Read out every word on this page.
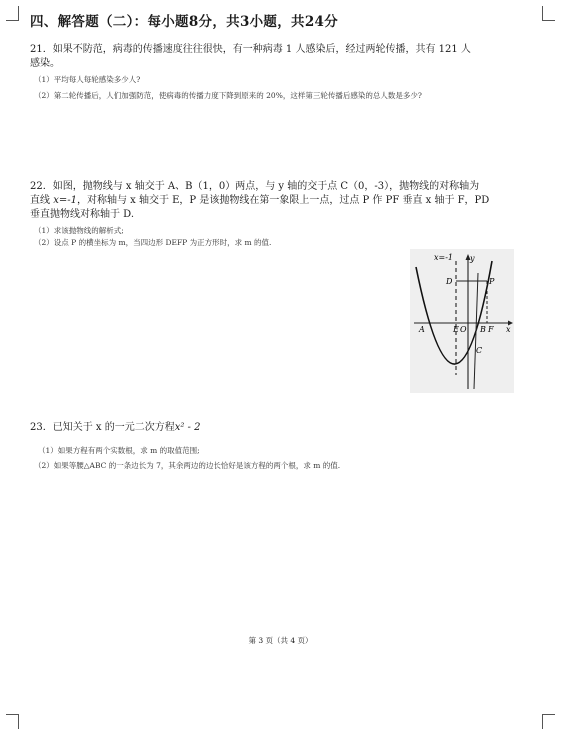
四、解答题（二）：每小题8分，共3小题，共24分
21．如果不防范，病毒的传播速度往往很快，有一种病毒 1 人感染后，经过两轮传播，共有 121 人
感染。
（1）平均每人每轮感染多少人?
（2）第二轮传播后，人们加强防范，使病毒的传播力度下降到原来的 20%，这样第三轮传播后感染的总人数是多少?
22．如图，抛物线与 x 轴交于 A、B（1，0）两点，与 y 轴的交于点 C（0，-3），抛物线的对称轴为
直线 x=-1，对称轴与 x 轴交于 E，P 是该抛物线在第一象限上一点，过点 P 作 PF 垂直 x 轴于 F，PD
垂直抛物线对称轴于 D.
（1）求该抛物线的解析式;
（2）设点 P 的横坐标为 m，当四边形 DEFP 为正方形时，求 m 的值.
x=-1 y
x
D	P
A	E O B F
C
23．已知关于 x 的一元二次方程x² - 2
（1）如果方程有两个实数根，求 m 的取值范围;
（2）如果等腰△ABC 的一条边长为 7，其余两边的边长恰好是该方程的两个根，求 m 的值.
第 3 页（共 4 页）
